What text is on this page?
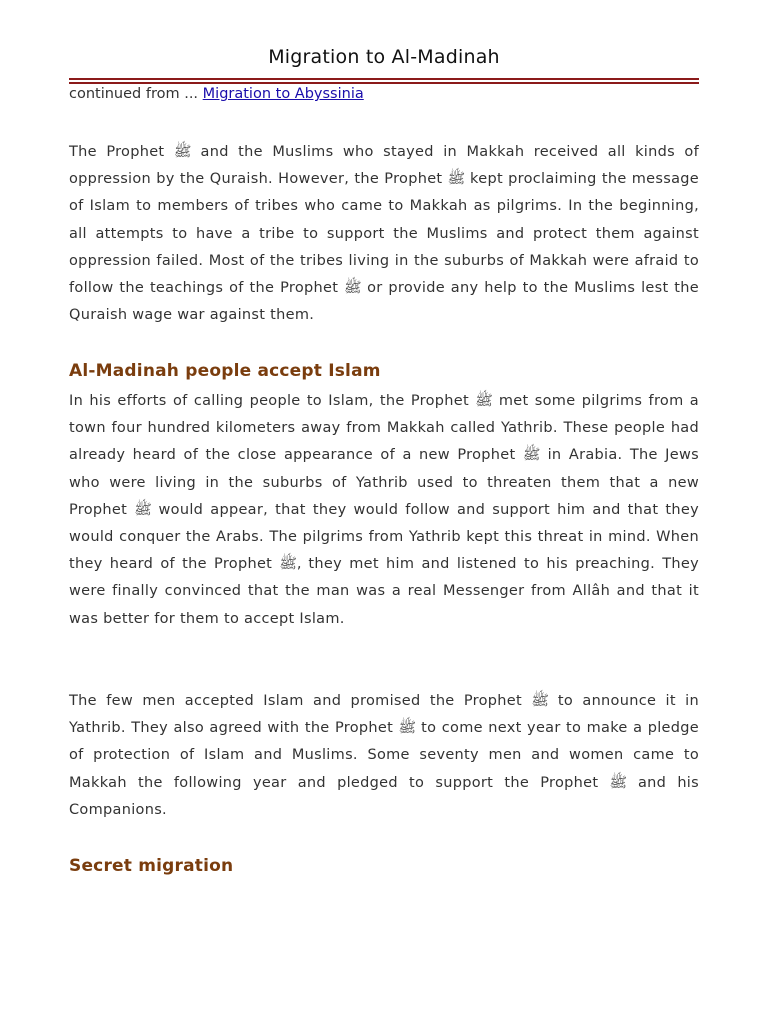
Migration to Al-Madinah
continued from ... Migration to Abyssinia

The Prophet ﷺ and the Muslims who stayed in Makkah received all kinds of oppression by the Quraish. However, the Prophet ﷺ kept proclaiming the message of Islam to members of tribes who came to Makkah as pilgrims. In the beginning, all attempts to have a tribe to support the Muslims and protect them against oppression failed. Most of the tribes living in the suburbs of Makkah were afraid to follow the teachings of the Prophet ﷺ or provide any help to the Muslims lest the Quraish wage war against them.

Al-Madinah people accept Islam

In his efforts of calling people to Islam, the Prophet ﷺ met some pilgrims from a town four hundred kilometers away from Makkah called Yathrib. These people had already heard of the close appearance of a new Prophet ﷺ in Arabia. The Jews who were living in the suburbs of Yathrib used to threaten them that a new Prophet ﷺ would appear, that they would follow and support him and that they would conquer the Arabs. The pilgrims from Yathrib kept this threat in mind. When they heard of the Prophet ﷺ, they met him and listened to his preaching. They were finally convinced that the man was a real Messenger from Allâh and that it was better for them to accept Islam.

The few men accepted Islam and promised the Prophet ﷺ to announce it in Yathrib. They also agreed with the Prophet ﷺ to come next year to make a pledge of protection of Islam and Muslims. Some seventy men and women came to Makkah the following year and pledged to support the Prophet ﷺ and his Companions.

Secret migration
